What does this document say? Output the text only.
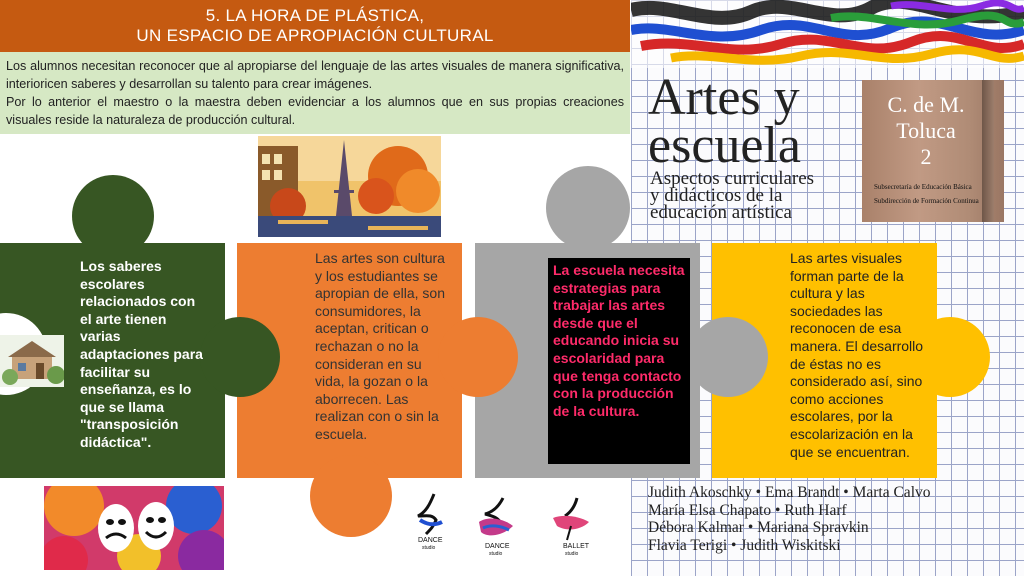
5. LA HORA DE PLÁSTICA,
UN ESPACIO DE APROPIACIÓN CULTURAL

Los alumnos necesitan reconocer que al apropiarse del lenguaje de las artes visuales de manera significativa, interioricen saberes y desarrollan su talento para crear imágenes.

Por lo anterior el maestro o la maestra deben evidenciar a los alumnos que en sus propias creaciones visuales reside la naturaleza de producción cultural.	Artes y
escuela
Aspectos curriculares
y didácticos de la
educación artística
C. de M.
Toluca
2
Subsecretaría de Educación Básica
Subdirección de Formación Continua
Judith Akoschky • Ema Brandt • Marta Calvo
María Elsa Chapato • Ruth Harf
Débora Kalmar • Mariana Spravkin
Flavia Terigi • Judith Wiskitski
Los saberes escolares relacionados con el arte tienen varias adaptaciones para facilitar su enseñanza, es lo que se llama "transposición didáctica".
Las artes son cultura y los estudiantes se apropian de ella, son consumidores, la aceptan, critican o rechazan o no la consideran en su vida, la gozan o la aborrecen. Las realizan con o sin la escuela.
La escuela necesita estrategias para trabajar las artes desde que el educando inicia su escolaridad para que tenga contacto con la producción de la cultura.
Las artes visuales forman parte de la cultura y las sociedades las reconocen de esa manera. El desarrollo de éstas no es considerado así, sino como acciones escolares, por la escolarización en la que se encuentran.
DANCE
studio	DANCE
studio
BALLET
studio
